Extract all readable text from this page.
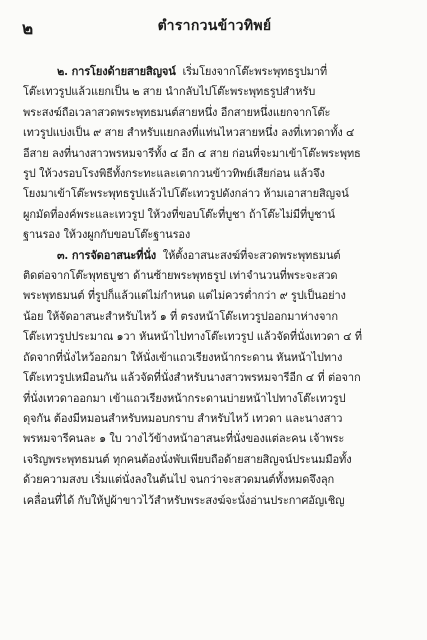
๒	ตำรากวนข้าวทิพย์

๒. การโยงด้ายสายสิญจน์ เริ่มโยงจากโต๊ะพระพุทธรูปมาที่
โต๊ะเทวรูปแล้วแยกเป็น ๒ สาย นำกลับไปโต๊ะพระพุทธรูปสำหรับ
พระสงฆ์ถือเวลาสวดพระพุทธมนต์สายหนึ่ง อีกสายหนึ่งแยกจากโต๊ะ
เทวรูปแบ่งเป็น ๙ สาย สำหรับแยกลงที่แท่นไหวสายหนึ่ง ลงที่เทวดาทั้ง ๔
อีสาย ลงที่นางสาวพรหมจารีทั้ง ๔ อีก ๔ สาย ก่อนที่จะมาเข้าโต๊ะพระพุทธ
รูป ให้วงรอบโรงพิธีทั้งกระทะและเตากวนข้าวทิพย์เสียก่อน แล้วจึง
โยงมาเข้าโต๊ะพระพุทธรูปแล้วไปโต๊ะเทวรูปดังกล่าว ห้ามเอาสายสิญจน์
ผูกมัดที่องค์พระและเทวรูป ให้วงที่ขอบโต๊ะที่บูชา ถ้าโต๊ะไม่มีที่บูชาน์
ฐานรอง ให้วงผูกกับขอบโต๊ะฐานรอง

๓. การจัดอาสนะที่นั่ง ให้ตั้งอาสนะสงฆ์ที่จะสวดพระพุทธมนต์
ติดต่อจากโต๊ะพุทธบูชา ด้านซ้ายพระพุทธรูป เท่าจำนวนที่พระจะสวด
พระพุทธมนต์ ที่รูปก็แล้วแต่ไม่กำหนด แต่ไม่ควรต่ำกว่า ๙ รูปเป็นอย่าง
น้อย ให้จัดอาสนะสำหรับไหว้ ๑ ที่ ตรงหน้าโต๊ะเทวรูปออกมาห่างจาก
โต๊ะเทวรูปประมาณ ๑วา หันหน้าไปทางโต๊ะเทวรูป แล้วจัดที่นั่งเทวดา ๔ ที่
ถัดจากที่นั่งไหว้ออกมา ให้นั่งเข้าแถวเรียงหน้ากระดาน หันหน้าไปทาง
โต๊ะเทวรูปเหมือนกัน แล้วจัดที่นั่งสำหรับนางสาวพรหมจารีอีก ๔ ที่ ต่อจาก
ที่นั่งเทวดาออกมา เข้าแถวเรียงหน้ากระดานบ่ายหน้าไปทางโต๊ะเทวรูป
ดุจกัน ต้องมีหมอนสำหรับหมอบกราบ สำหรับไหว้ เทวดา และนางสาว
พรหมจารีคนละ ๑ ใบ วางไว้ข้างหน้าอาสนะที่นั่งของแต่ละคน เจ้าพระ
เจริญพระพุทธมนต์ ทุกคนต้องนั่งพับเพียบถือด้ายสายสิญจน์ประนมมือทั้ง
ด้วยความสงบ เริ่มแต่นั่งลงในต้นไป จนกว่าจะสวดมนต์ทั้งหมดจึงลุก
เคลื่อนที่ได้ กับให้ปูผ้าขาวไว้สำหรับพระสงฆ์จะนั่งอ่านประกาศอัญเชิญ
